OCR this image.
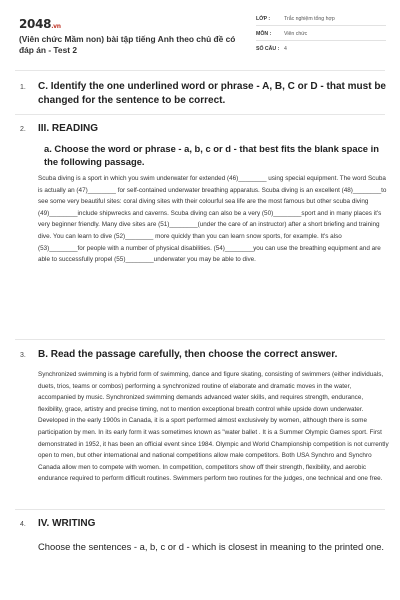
2048.vn
(Viên chức Mầm non) bài tập tiếng Anh theo chủ đề có đáp án - Test 2
LỚP :	Trắc nghiệm tổng hợp
MÔN : Viên chức
SỐ CÂU : 4
1. C. Identify the one underlined word or phrase - A, B, C or D - that must be changed for the sentence to be correct.
2. III. READING
a. Choose the word or phrase - a, b, c or d - that best fits the blank space in the following passage.
Scuba diving is a sport in which you swim underwater for extended (46)________ using special equipment. The word Scuba is actually an (47)________ for self-contained underwater breathing apparatus. Scuba diving is an excellent (48)________to see some very beautiful sites: coral diving sites with their colourful sea life are the most famous but other scuba diving (49)________include shipwrecks and caverns. Scuba diving can also be a very (50)________sport and in many places it's very beginner friendly. Many dive sites are (51)________(under the care of an instructor) after a short briefing and training dive. You can learn to dive (52)________ more quickly than you can learn snow sports, for example. It's also (53)________for people with a number of physical disabilities. (54)________you can use the breathing equipment and are able to successfully propel (55)________underwater you may be able to dive.
3. B. Read the passage carefully, then choose the correct answer.
Synchronized swimming is a hybrid form of swimming, dance and figure skating, consisting of swimmers (either individuals, duets, trios, teams or combos) performing a synchronized routine of elaborate and dramatic moves in the water, accompanied by music. Synchronized swimming demands advanced water skills, and requires strength, endurance, flexibility, grace, artistry and precise timing, not to mention exceptional breath control while upside down underwater. Developed in the early 1900s in Canada, it is a sport performed almost exclusively by women, although there is some participation by men. In its early form it was sometimes known as "water ballet . It is a Summer Olympic Games sport. First demonstrated in 1952, it has been an official event since 1984. Olympic and World Championship competition is not currently open to men, but other international and national competitions allow male competitors. Both USA Synchro and Synchro Canada allow men to compete with women. In competition, competitors show off their strength, flexibility, and aerobic endurance required to perform difficult routines. Swimmers perform two routines for the judges, one technical and one free.
4. IV. WRITING
Choose the sentences - a, b, c or d - which is closest in meaning to the printed one.
